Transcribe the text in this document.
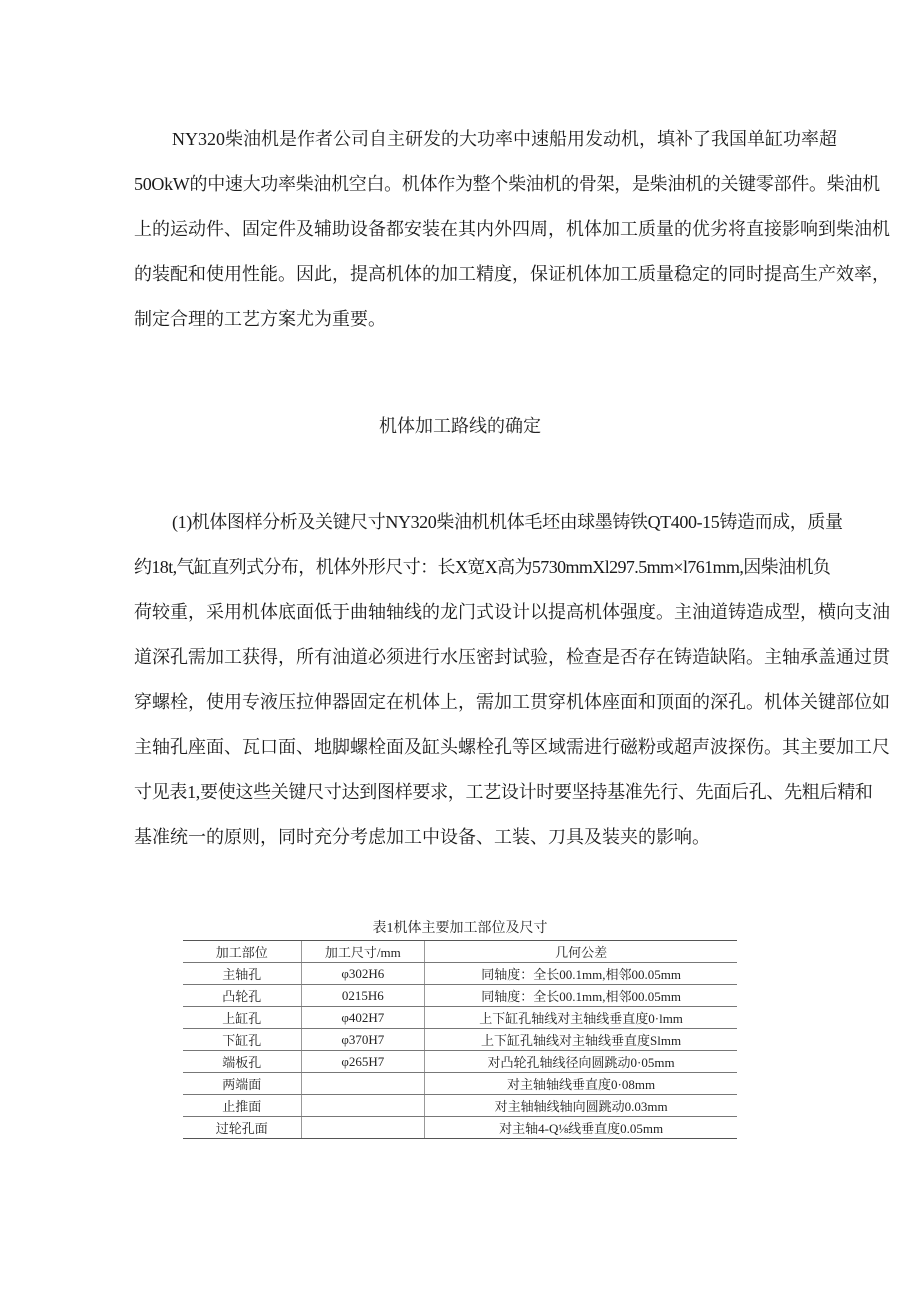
NY320柴油机是作者公司自主研发的大功率中速船用发动机，填补了我国单缸功率超
50OkW的中速大功率柴油机空白。机体作为整个柴油机的骨架，是柴油机的关键零部件。柴油机
上的运动件、固定件及辅助设备都安装在其内外四周，机体加工质量的优劣将直接影响到柴油机
的装配和使用性能。因此，提高机体的加工精度，保证机体加工质量稳定的同时提高生产效率，
制定合理的工艺方案尤为重要。
机体加工路线的确定
(1)机体图样分析及关键尺寸NY320柴油机机体毛坯由球墨铸铁QT400-15铸造而成，质量
约18t,气缸直列式分布，机体外形尺寸：长X宽X高为5730mmXl297.5mm×l761mm,因柴油机负
荷较重，采用机体底面低于曲轴轴线的龙门式设计以提高机体强度。主油道铸造成型，横向支油
道深孔需加工获得，所有油道必须进行水压密封试验，检查是否存在铸造缺陷。主轴承盖通过贯
穿螺栓，使用专液压拉伸器固定在机体上，需加工贯穿机体座面和顶面的深孔。机体关键部位如
主轴孔座面、瓦口面、地脚螺栓面及缸头螺栓孔等区域需进行磁粉或超声波探伤。其主要加工尺
寸见表1,要使这些关键尺寸达到图样要求，工艺设计时要坚持基准先行、先面后孔、先粗后精和
基准统一的原则，同时充分考虑加工中设备、工装、刀具及装夹的影响。
表1机体主要加工部位及尺寸
加工部位	加工尺寸/mm	几何公差
主轴孔	φ302H6	同轴度：全长00.1mm,相邻00.05mm
凸轮孔	0215H6	同轴度：全长00.1mm,相邻00.05mm
上缸孔	φ402H7	上下缸孔轴线对主轴线垂直度0·lmm
下缸孔	φ370H7	上下缸孔轴线对主轴线垂直度Slmm
端板孔	φ265H7	对凸轮孔轴线径向圆跳动0·05mm
两端面		对主轴轴线垂直度0·08mm
止推面		对主轴轴线轴向圆跳动0.03mm
过轮孔面		对主轴4-Q⅛线垂直度0.05mm
